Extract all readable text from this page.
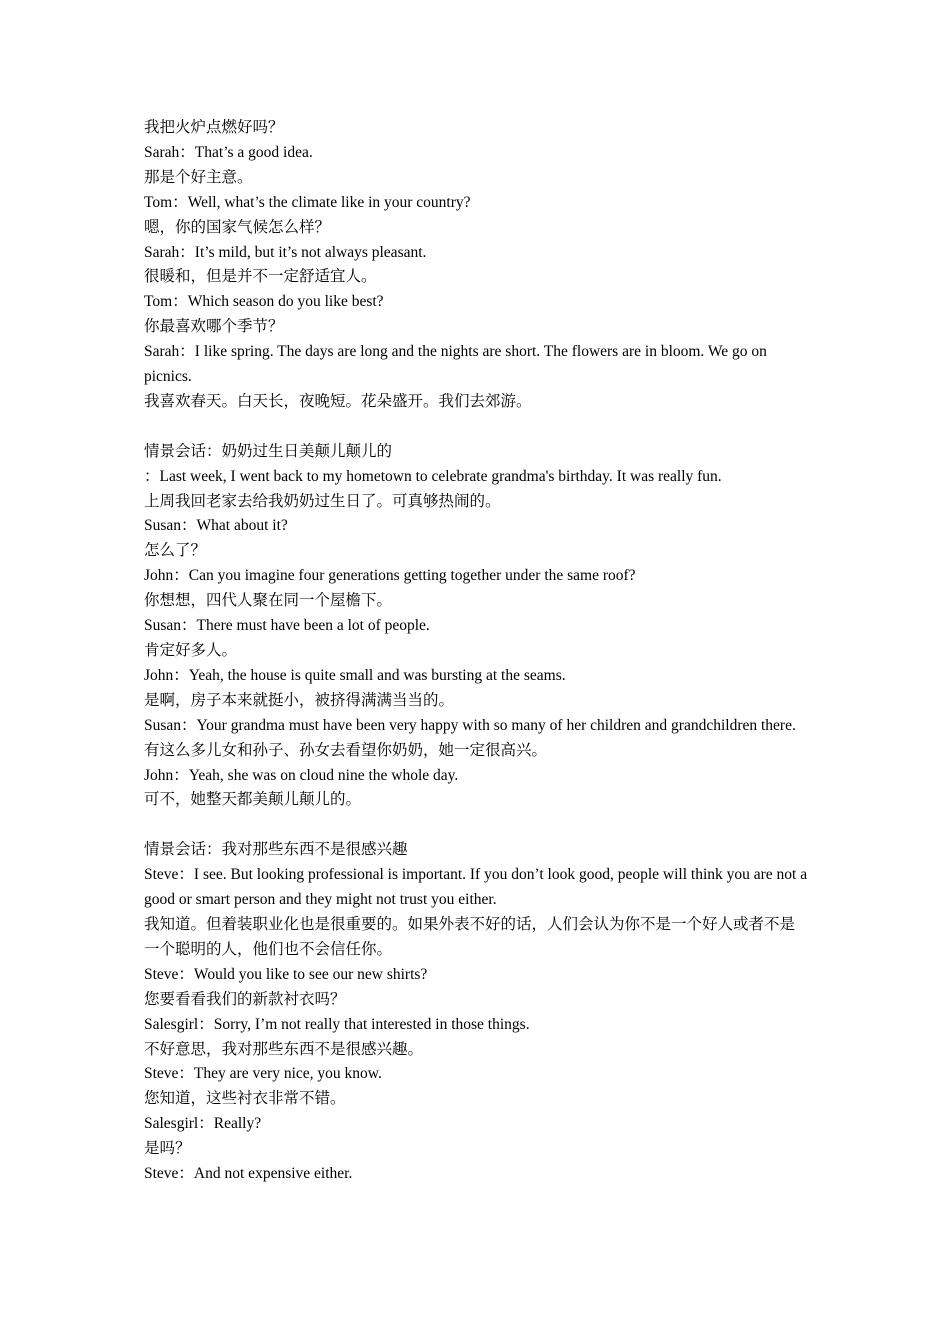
我把火炉点燃好吗？

Sarah：That’s a good idea.

那是个好主意。

Tom：Well, what’s the climate like in your country?

嗯，你的国家气候怎么样？

Sarah：It’s mild, but it’s not always pleasant.

很暖和，但是并不一定舒适宜人。

Tom：Which season do you like best?

你最喜欢哪个季节？

Sarah：I like spring. The days are long and the nights are short. The flowers are in bloom. We go on picnics.

我喜欢春天。白天长，夜晚短。花朵盛开。我们去郊游。

情景会话：奶奶过生日美颠儿颠儿的

：Last week, I went back to my hometown to celebrate grandma's birthday. It was really fun.

上周我回老家去给我奶奶过生日了。可真够热闹的。

Susan：What about it?

怎么了？

John：Can you imagine four generations getting together under the same roof?

你想想，四代人聚在同一个屋檐下。

Susan：There must have been a lot of people.

肯定好多人。

John：Yeah, the house is quite small and was bursting at the seams.

是啊，房子本来就挺小，被挤得满满当当的。

Susan：Your grandma must have been very happy with so many of her children and grandchildren there.

有这么多儿女和孙子、孙女去看望你奶奶，她一定很高兴。

John：Yeah, she was on cloud nine the whole day.

可不，她整天都美颠儿颠儿的。

情景会话：我对那些东西不是很感兴趣

Steve：I see. But looking professional is important. If you don’t look good, people will think you are not a good or smart person and they might not trust you either.

我知道。但着装职业化也是很重要的。如果外表不好的话，人们会认为你不是一个好人或者不是一个聪明的人，他们也不会信任你。

Steve：Would you like to see our new shirts?

您要看看我们的新款衬衣吗？

Salesgirl：Sorry, I’m not really that interested in those things.

不好意思，我对那些东西不是很感兴趣。

Steve：They are very nice, you know.

您知道，这些衬衣非常不错。

Salesgirl：Really?

是吗？

Steve：And not expensive either.
